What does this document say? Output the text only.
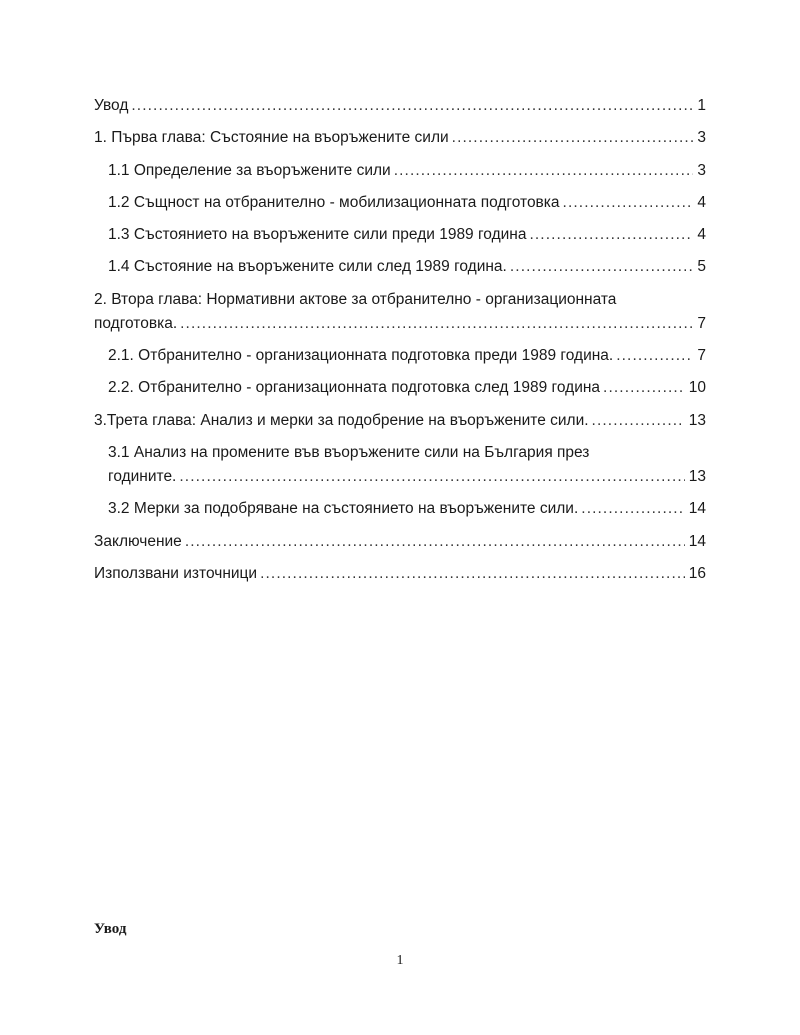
Увод . . .	1
1. Първа глава: Състояние на въоръжените сили . . .	3
1.1 Определение за въоръжените сили . . .	3
1.2 Същност на отбранително - мобилизационната подготовка . . .	4
1.3 Състоянието на въоръжените сили преди 1989 година . . .	4
1.4 Състояние на въоръжените сили след 1989 година. . . .	5
2. Втора глава: Нормативни актове за отбранително - организационната
подготовка. . . .	7
2.1. Отбранително - организационната подготовка преди 1989 година. . . .	7
2.2. Отбранително - организационната подготовка след 1989 година . . .	10
3.Трета глава: Анализ и мерки за подобрение на въоръжените сили. . . .	13
3.1 Анализ на промените във въоръжените сили на България през
годините. . . .	13
3.2 Мерки за подобряване на състоянието на въоръжените сили. . . .	14
Заключение . . .	14
Използвани източници . . .	16
Увод
1
